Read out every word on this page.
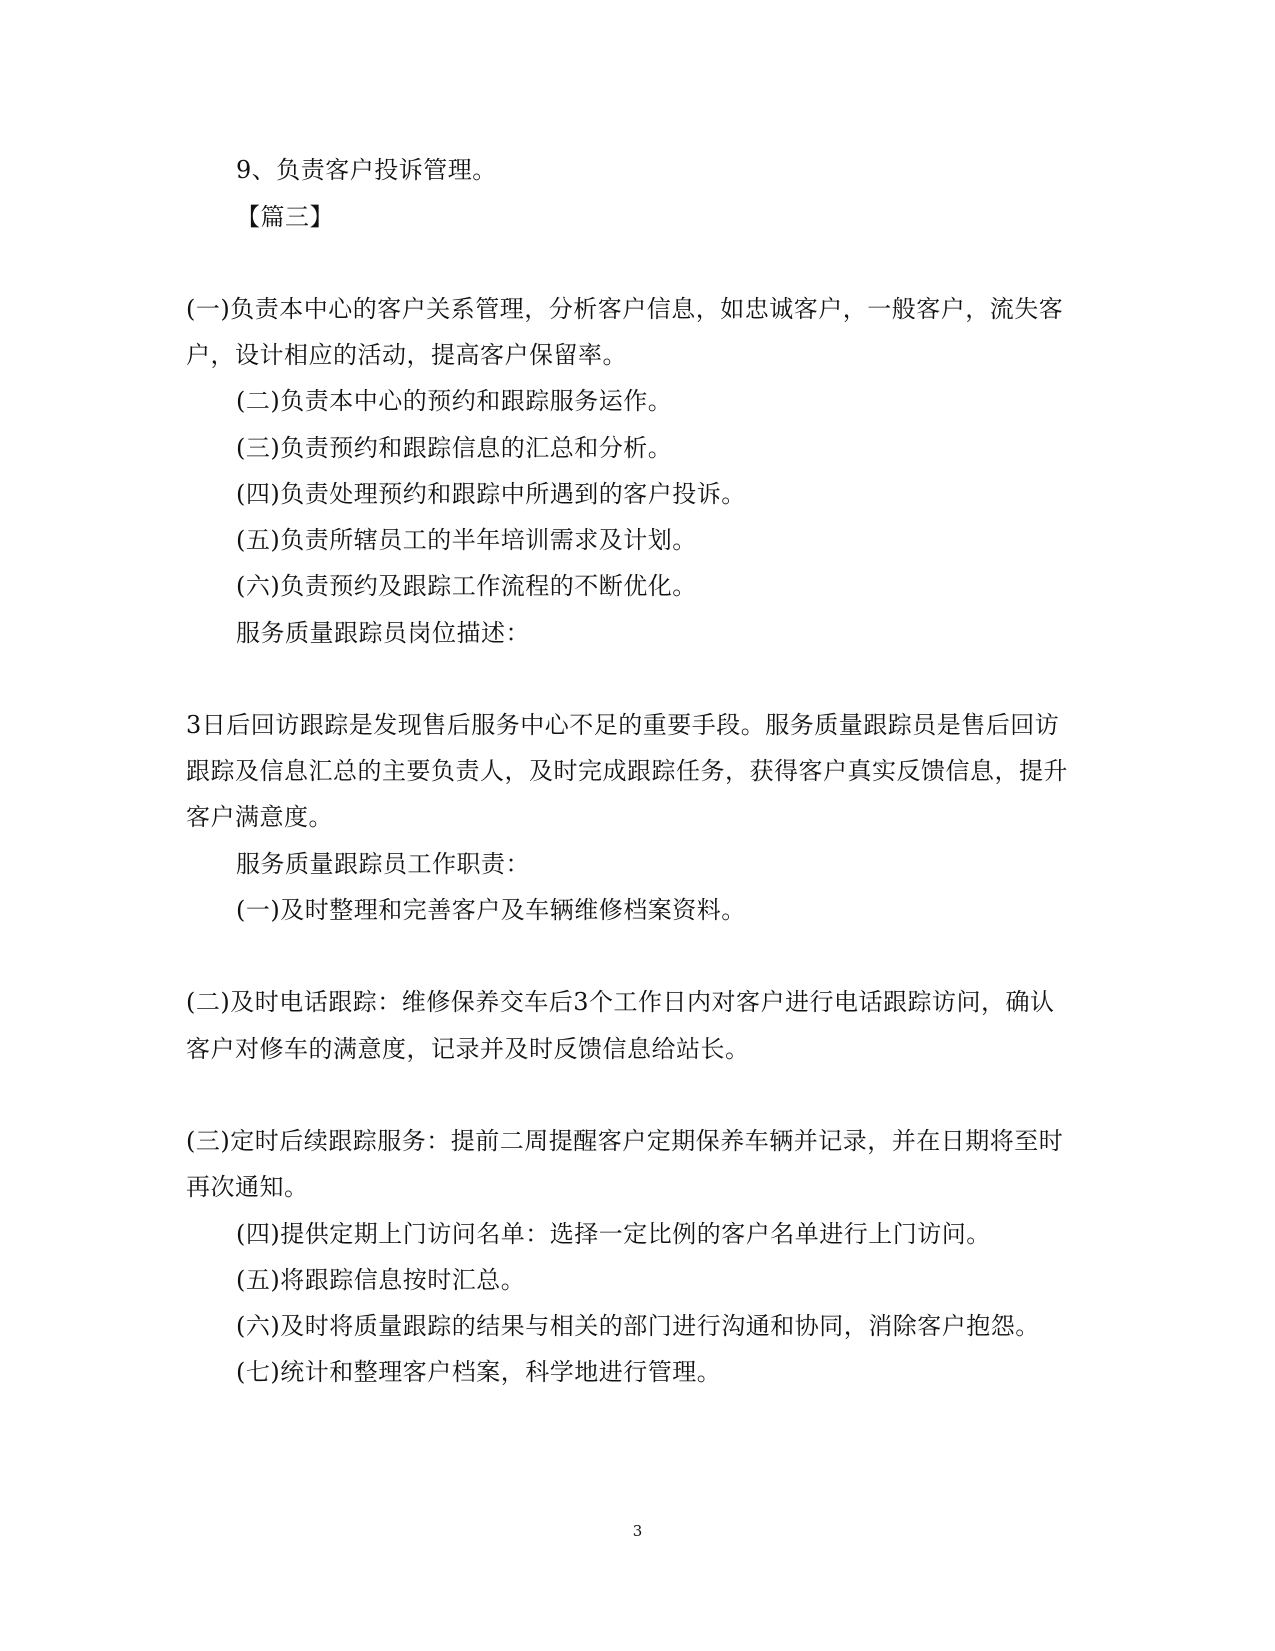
9、负责客户投诉管理。
【篇三】
(一)负责本中心的客户关系管理，分析客户信息，如忠诚客户，一般客户，流失客
户，设计相应的活动，提高客户保留率。
(二)负责本中心的预约和跟踪服务运作。
(三)负责预约和跟踪信息的汇总和分析。
(四)负责处理预约和跟踪中所遇到的客户投诉。
(五)负责所辖员工的半年培训需求及计划。
(六)负责预约及跟踪工作流程的不断优化。
服务质量跟踪员岗位描述：
3日后回访跟踪是发现售后服务中心不足的重要手段。服务质量跟踪员是售后回访
跟踪及信息汇总的主要负责人，及时完成跟踪任务，获得客户真实反馈信息，提升
客户满意度。
服务质量跟踪员工作职责：
(一)及时整理和完善客户及车辆维修档案资料。
(二)及时电话跟踪：维修保养交车后3个工作日内对客户进行电话跟踪访问，确认
客户对修车的满意度，记录并及时反馈信息给站长。
(三)定时后续跟踪服务：提前二周提醒客户定期保养车辆并记录，并在日期将至时
再次通知。
(四)提供定期上门访问名单：选择一定比例的客户名单进行上门访问。
(五)将跟踪信息按时汇总。
(六)及时将质量跟踪的结果与相关的部门进行沟通和协同，消除客户抱怨。
(七)统计和整理客户档案，科学地进行管理。
3
